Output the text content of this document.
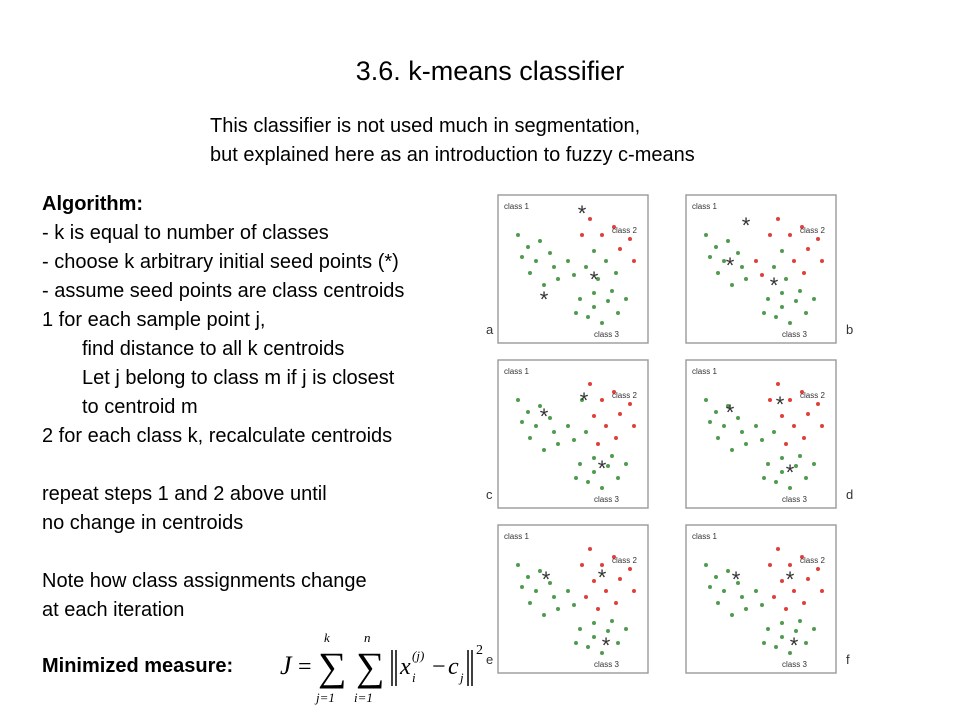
3.6. k-means classifier
This classifier is not used much in segmentation,
but explained here as an introduction to fuzzy c-means
Algorithm:
- k is equal to number of classes
- choose k arbitrary initial seed points (*)
- assume seed points are class centroids
1 for each sample point j,
find distance to all k centroids
Let j belong to class m if j is closest
to centroid m
2 for each class k, recalculate centroids
repeat steps 1 and 2 above until
no change in centroids
Note how class assignments change
at each iteration
Minimized measure: J =
k
∑
j=1
n
∑
i=1
x (j)
i − c j
2
*
*
*
class 1
class 2
class 3
a
*
*
*
class 1
class 2
class 3	b
*
*
*
class 1
class 2
class 3
c
* *
*
class 1
class 2
class 3	d
* *
*
class 1
class 2
class 3
e
* *
*
class 1
class 2
class 3	f
